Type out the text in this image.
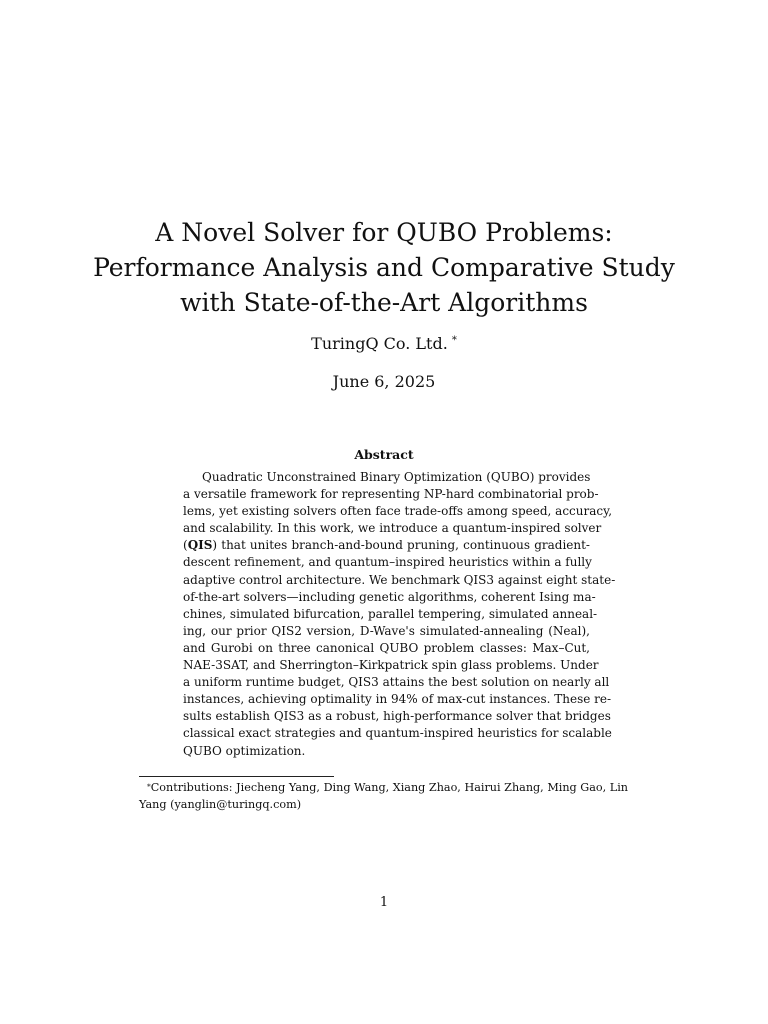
A Novel Solver for QUBO Problems:
Performance Analysis and Comparative Study
with State-of-the-Art Algorithms
TuringQ Co. Ltd. *
June 6, 2025
Abstract
Quadratic Unconstrained Binary Optimization (QUBO) provides
a versatile framework for representing NP-hard combinatorial prob-
lems, yet existing solvers often face trade-offs among speed, accuracy,
and scalability. In this work, we introduce a quantum-inspired solver
(QIS) that unites branch-and-bound pruning, continuous gradient-
descent refinement, and quantum–inspired heuristics within a fully
adaptive control architecture. We benchmark QIS3 against eight state-
of-the-art solvers—including genetic algorithms, coherent Ising ma-
chines, simulated bifurcation, parallel tempering, simulated anneal-
ing, our prior QIS2 version, D-Wave's simulated-annealing (Neal),
and Gurobi on three canonical QUBO problem classes: Max–Cut,
NAE-3SAT, and Sherrington–Kirkpatrick spin glass problems. Under
a uniform runtime budget, QIS3 attains the best solution on nearly all
instances, achieving optimality in 94% of max-cut instances. These re-
sults establish QIS3 as a robust, high-performance solver that bridges
classical exact strategies and quantum-inspired heuristics for scalable
QUBO optimization.
*Contributions: Jiecheng Yang, Ding Wang, Xiang Zhao, Hairui Zhang, Ming Gao, Lin
Yang (yanglin@turingq.com)
1
